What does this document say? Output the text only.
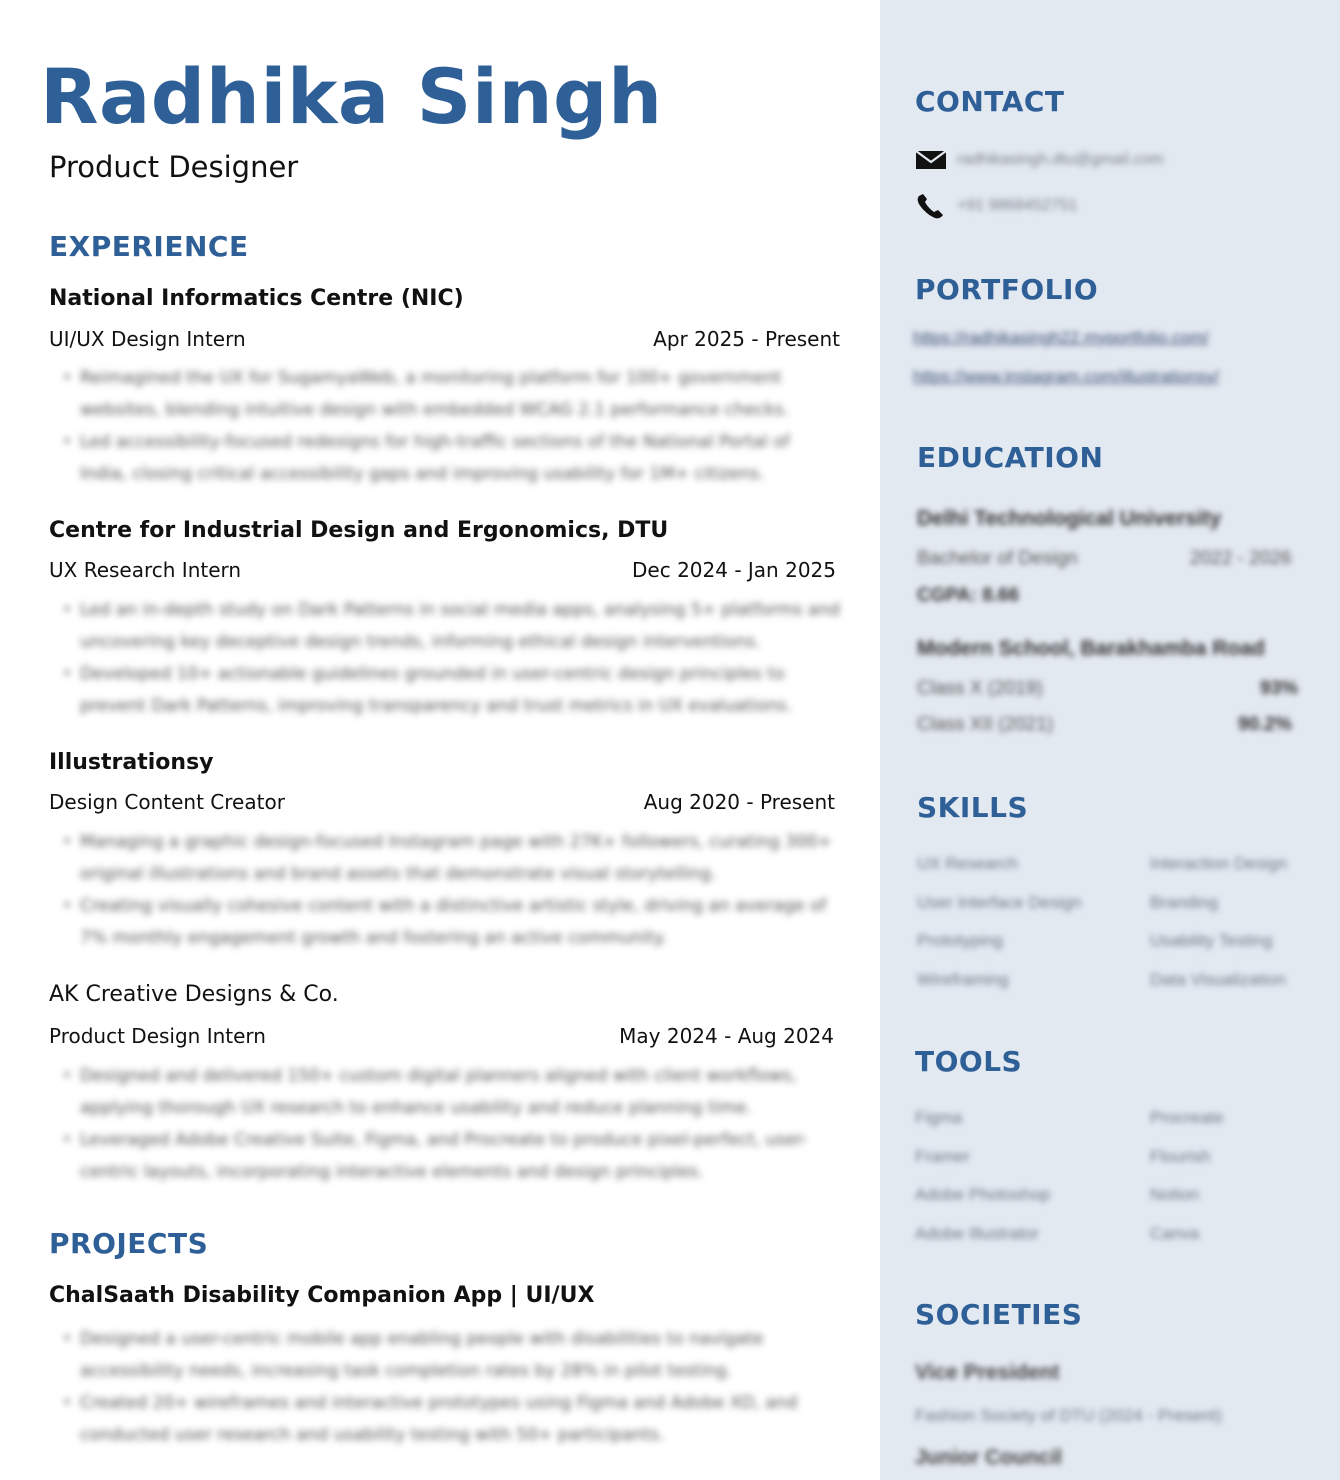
Radhika Singh
Product Designer
EXPERIENCE
National Informatics Centre (NIC)
UI/UX Design Intern	Apr 2025 - Present
• Reimagined the UX for SugamyaWeb, a monitoring platform for 100+ government websites, blending intuitive design with embedded WCAG 2.1 performance checks.
• Led accessibility-focused redesigns for high-traffic sections of the National Portal of India, closing critical accessibility gaps and improving usability for 1M+ citizens.
Centre for Industrial Design and Ergonomics, DTU
UX Research Intern	Dec 2024 - Jan 2025
• Led an in-depth study on Dark Patterns in social media apps, analysing 5+ platforms and uncovering key deceptive design trends, informing ethical design interventions.
• Developed 10+ actionable guidelines grounded in user-centric design principles to prevent Dark Patterns, improving transparency and trust metrics in UX evaluations.
Illustrationsy
Design Content Creator	Aug 2020 - Present
• Managing a graphic design-focused Instagram page with 27K+ followers, curating 300+ original illustrations and brand assets that demonstrate visual storytelling.
• Creating visually cohesive content with a distinctive artistic style, driving an average of 7% monthly engagement growth and fostering an active community.
AK Creative Designs & Co.
Product Design Intern	May 2024 - Aug 2024
• Designed and delivered 150+ custom digital planners aligned with client workflows, applying thorough UX research to enhance usability and reduce planning time.
• Leveraged Adobe Creative Suite, Figma, and Procreate to produce pixel-perfect, user-centric layouts, incorporating interactive elements and design principles.
PROJECTS
ChalSaath Disability Companion App | UI/UX
• Designed a user-centric mobile app enabling people with disabilities to navigate accessibility needs, increasing task completion rates by 28% in pilot testing.
• Created 20+ wireframes and interactive prototypes using Figma and Adobe XD, and conducted user research and usability testing with 50+ participants.
CONTACT
radhikasingh.dtu@gmail.com
+91 9868452751
PORTFOLIO
https://radhikasingh22.myportfolio.com/
https://www.instagram.com/illustrationsy/
EDUCATION
Delhi Technological University
Bachelor of Design	2022 - 2026
CGPA: 8.66
Modern School, Barakhamba Road
Class X (2019)	93%
Class XII (2021)	90.2%
SKILLS
UX Research	Interaction Design
User Interface Design	Branding
Prototyping	Usability Testing
Wireframing	Data Visualization
TOOLS
Figma	Procreate
Framer	Flourish
Adobe Photoshop	Notion
Adobe Illustrator	Canva
SOCIETIES
Vice President
Fashion Society of DTU (2024 - Present)
Junior Council
